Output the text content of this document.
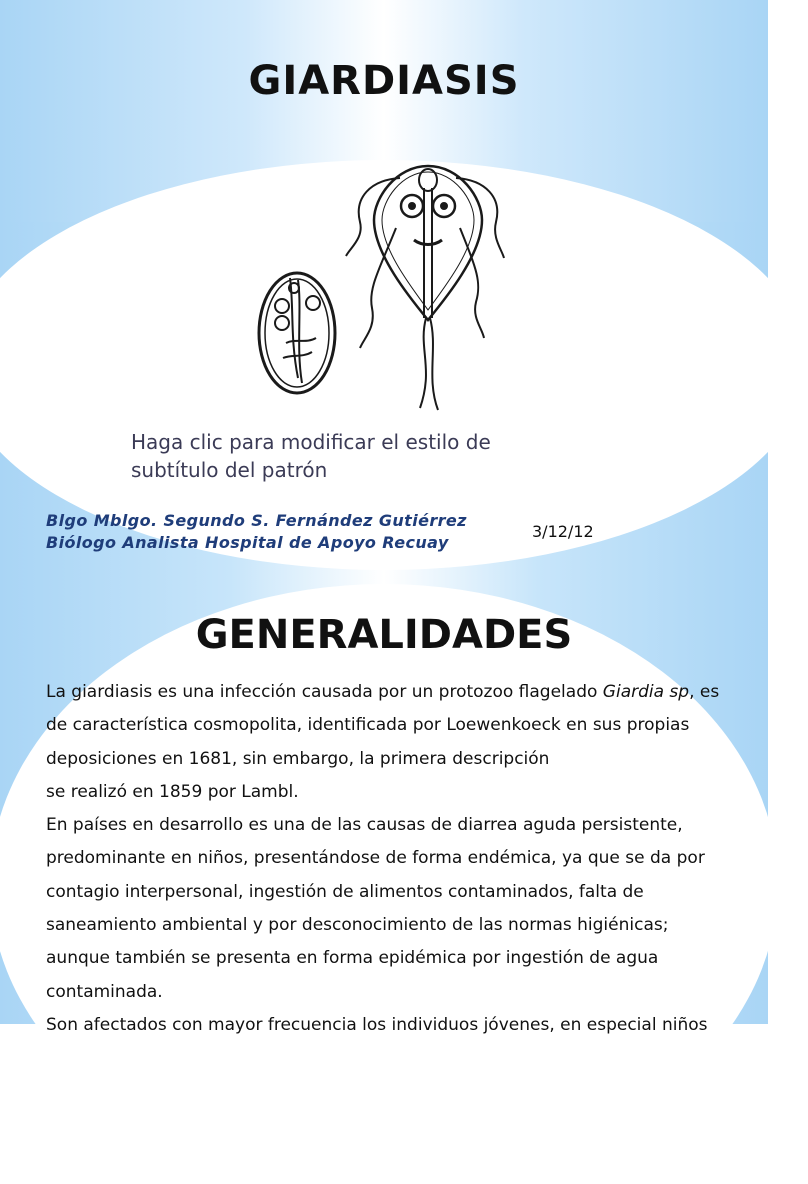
GIARDIASIS
Haga clic para modificar el estilo de
subtítulo del patrón
Blgo Mblgo. Segundo S. Fernández Gutiérrez
Biólogo Analista Hospital de Apoyo Recuay
3/12/12
GENERALIDADES

La giardiasis es una infección causada por un protozoo flagelado Giardia sp, es

de característica cosmopolita, identificada por Loewenkoeck en sus propias

deposiciones en 1681, sin embargo, la primera descripción

se realizó en 1859 por Lambl.

En países en desarrollo es una de las causas de diarrea aguda persistente,

predominante en niños, presentándose de forma endémica, ya que se da por

contagio interpersonal, ingestión de alimentos contaminados, falta de

saneamiento ambiental y por desconocimiento de las normas higiénicas;

aunque también se presenta en forma epidémica por ingestión de agua

contaminada.

Son afectados con mayor frecuencia los individuos jóvenes, en especial niños
